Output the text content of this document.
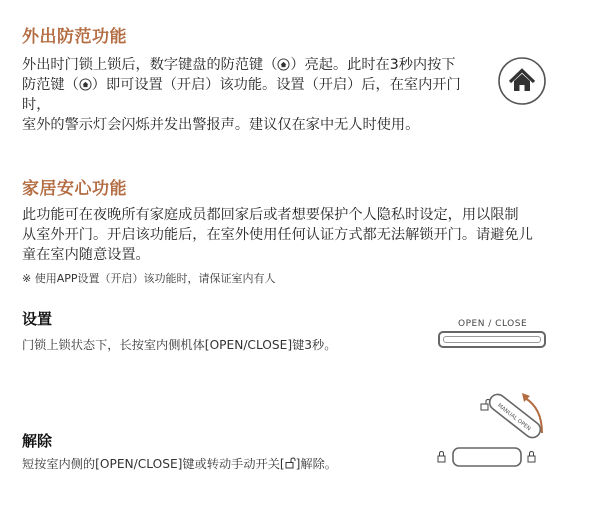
外出防范功能
外出时门锁上锁后，数字键盘的防范键（ ）亮起。此时在3秒内按下
防范键（ ）即可设置（开启）该功能。设置（开启）后，在室内开门时，
室外的警示灯会闪烁并发出警报声。建议仅在家中无人时使用。
家居安心功能
此功能可在夜晚所有家庭成员都回家后或者想要保护个人隐私时设定，用以限制
从室外开门。开启该功能后，在室外使用任何认证方式都无法解锁开门。请避免儿
童在室内随意设置。
※ 使用APP设置（开启）该功能时，请保证室内有人
设置
门锁上锁状态下，长按室内侧机体[OPEN/CLOSE]键3秒。
OPEN / CLOSE
解除
短按室内侧的[OPEN/CLOSE]键或转动手动开关[ ]解除。
MANUAL OPEN
